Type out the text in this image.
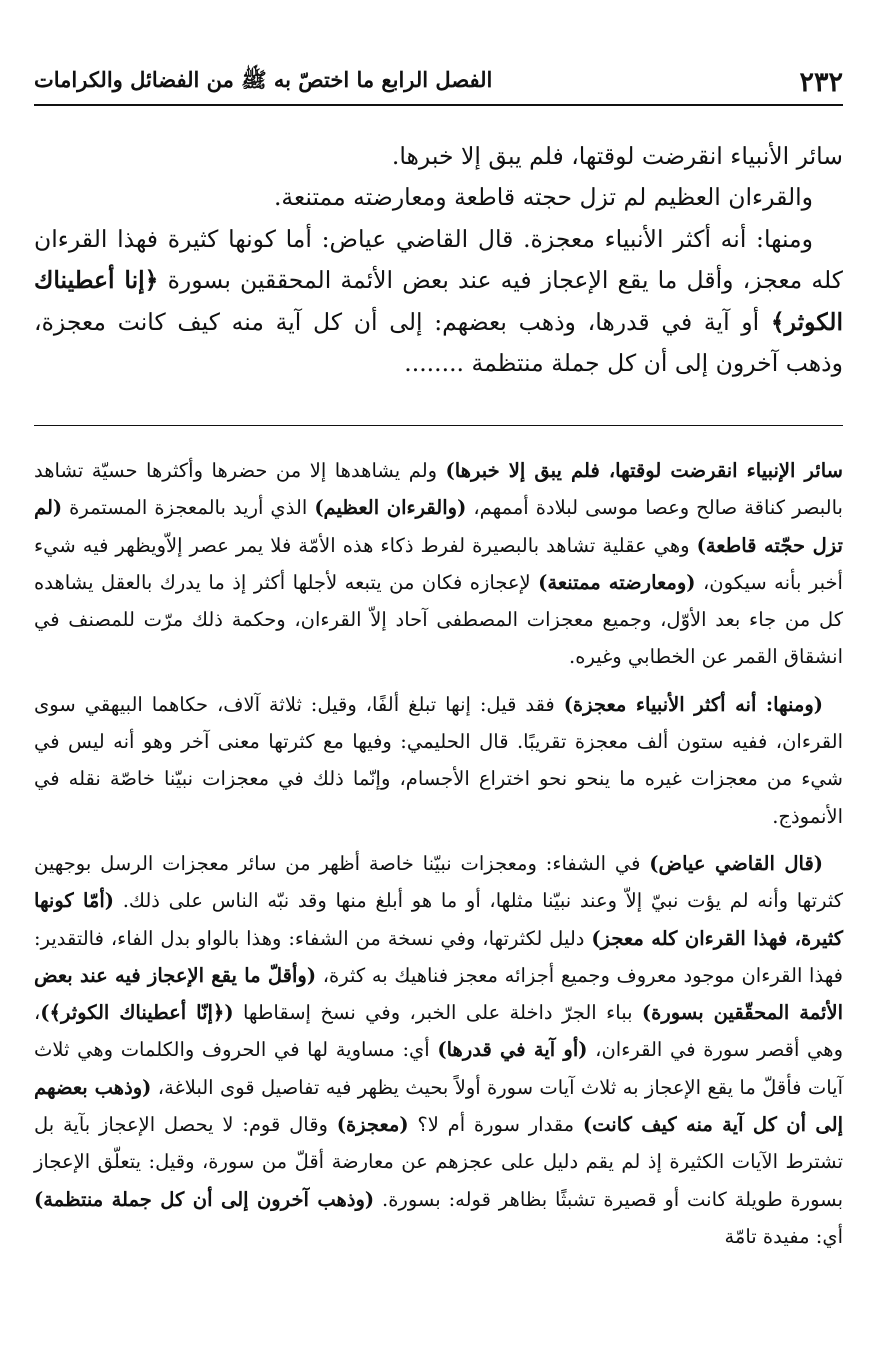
٢٣٢
الفصل الرابع ما اختصّ به ﷺ من الفضائل والكرامات

سائر الأنبياء انقرضت لوقتها، فلم يبق إلا خبرها.

والقرءان العظيم لم تزل حجته قاطعة ومعارضته ممتنعة.

ومنها: أنه أكثر الأنبياء معجزة. قال القاضي عياض: أما كونها كثيرة فهذا القرءان كله معجز، وأقل ما يقع الإعجاز فيه عند بعض الأئمة المحققين بسورة ﴿إنا أعطيناك الكوثر﴾ أو آية في قدرها، وذهب بعضهم: إلى أن كل آية منه كيف كانت معجزة، وذهب آخرون إلى أن كل جملة منتظمة ........

سائر الإنبياء انقرضت لوقتها، فلم يبق إلا خبرها) ولم يشاهدها إلا من حضرها وأكثرها حسيّة تشاهد بالبصر كناقة صالح وعصا موسى لبلادة أممهم، (والقرءان العظيم) الذي أريد بالمعجزة المستمرة (لم تزل حجّته قاطعة) وهي عقلية تشاهد بالبصيرة لفرط ذكاء هذه الأمّة فلا يمر عصر إلاّويظهر فيه شيء أخبر بأنه سيكون، (ومعارضته ممتنعة) لإعجازه فكان من يتبعه لأجلها أكثر إذ ما يدرك بالعقل يشاهده كل من جاء بعد الأوّل، وجميع معجزات المصطفى آحاد إلاّ القرءان، وحكمة ذلك مرّت للمصنف في انشقاق القمر عن الخطابي وغيره.

(ومنها: أنه أكثر الأنبياء معجزة) فقد قيل: إنها تبلغ ألفًا، وقيل: ثلاثة آلاف، حكاهما البيهقي سوى القرءان، ففيه ستون ألف معجزة تقريبًا. قال الحليمي: وفيها مع كثرتها معنى آخر وهو أنه ليس في شيء من معجزات غيره ما ينحو نحو اختراع الأجسام، وإنّما ذلك في معجزات نبيّنا خاصّة نقله في الأنموذج.

(قال القاضي عياض) في الشفاء: ومعجزات نبيّنا خاصة أظهر من سائر معجزات الرسل بوجهين كثرتها وأنه لم يؤت نبيّ إلاّ وعند نبيّنا مثلها، أو ما هو أبلغ منها وقد نبّه الناس على ذلك. (أمّا كونها كثيرة، فهذا القرءان كله معجز) دليل لكثرتها، وفي نسخة من الشفاء: وهذا بالواو بدل الفاء، فالتقدير: فهذا القرءان موجود معروف وجميع أجزائه معجز فناهيك به كثرة، (وأقلّ ما يقع الإعجاز فيه عند بعض الأئمة المحقّقين بسورة) بباء الجرّ داخلة على الخبر، وفي نسخ إسقاطها (﴿إنّا أعطيناك الكوثر﴾)، وهي أقصر سورة في القرءان، (أو آية في قدرها) أي: مساوية لها في الحروف والكلمات وهي ثلاث آيات فأقلّ ما يقع الإعجاز به ثلاث آيات سورة أولاً بحيث يظهر فيه تفاصيل قوى البلاغة، (وذهب بعضهم إلى أن كل آية منه كيف كانت) مقدار سورة أم لا؟ (معجزة) وقال قوم: لا يحصل الإعجاز بآية بل تشترط الآيات الكثيرة إذ لم يقم دليل على عجزهم عن معارضة أقلّ من سورة، وقيل: يتعلّق الإعجاز بسورة طويلة كانت أو قصيرة تشبثًا بظاهر قوله: بسورة. (وذهب آخرون إلى أن كل جملة منتظمة) أي: مفيدة تامّة
